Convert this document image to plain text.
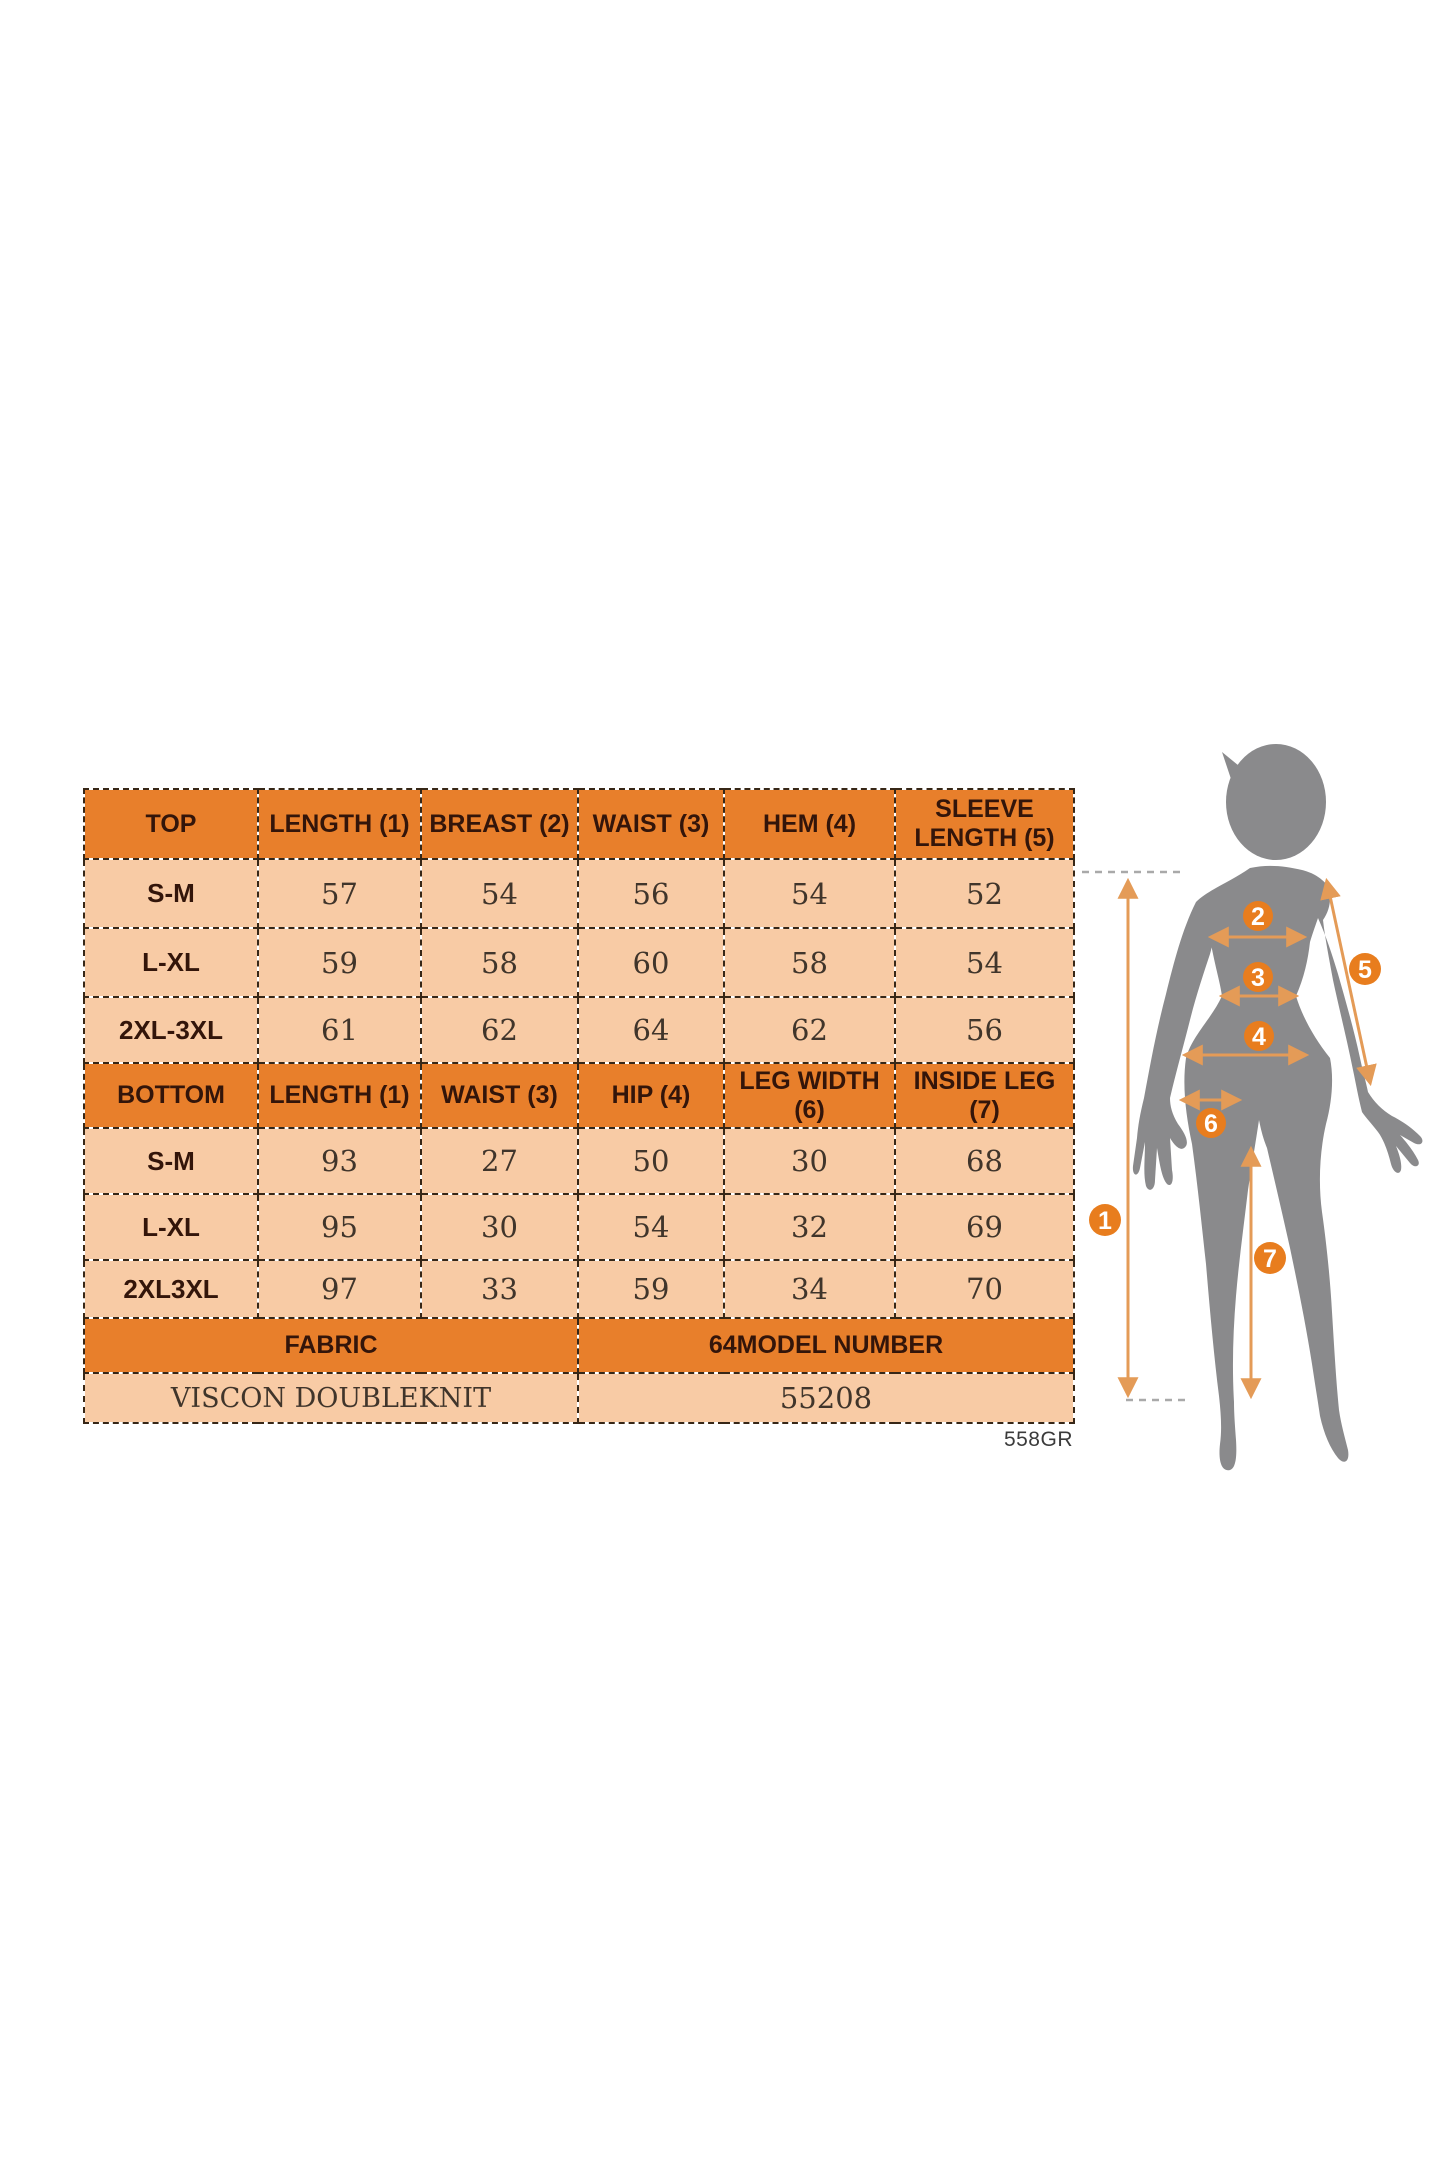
TOP	LENGTH (1)	BREAST (2)	WAIST (3)	HEM (4)	SLEEVE LENGTH (5)
S-M	57	54	56	54	52
L-XL	59	58	60	58	54
2XL-3XL	61	62	64	62	56
BOTTOM	LENGTH (1)	WAIST (3)	HIP (4)	LEG WIDTH (6)	INSIDE LEG (7)
S-M	93	27	50	30	68
L-XL	95	30	54	32	69
2XL3XL	97	33	59	34	70
FABRIC			64MODEL NUMBER		
VISCON DOUBLEKNIT			55208		
558GR
1
2
3
4
5
6
7
